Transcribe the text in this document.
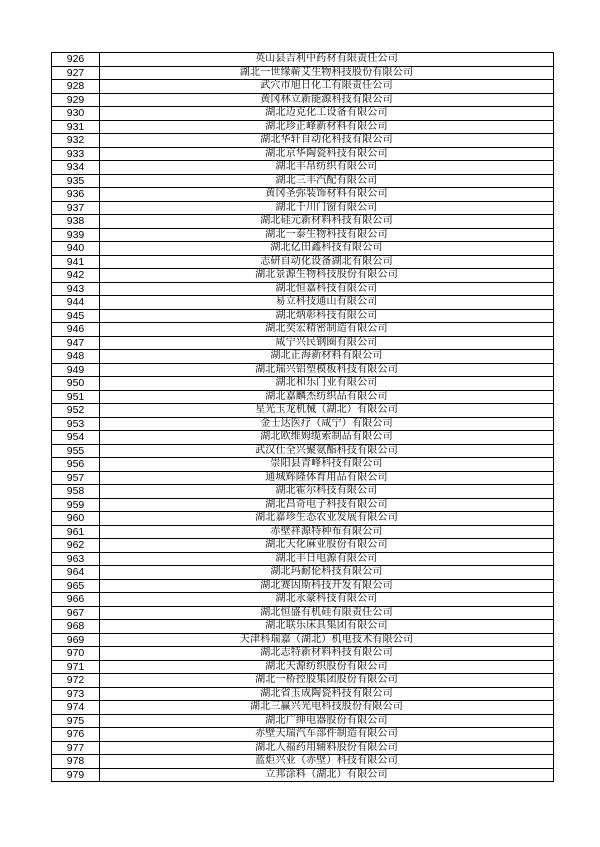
926	英山县吉利中药材有限责任公司
927	湖北一世缘蕲艾生物科技股份有限公司
928	武穴市旭日化工有限责任公司
929	黄冈林立新能源科技有限公司
930	湖北迈克化工设备有限公司
931	湖北珍正峰新材料有限公司
932	湖北华轩自动化科技有限公司
933	湖北京华陶瓷科技有限公司
934	湖北丰帛纺织有限公司
935	湖北三丰汽配有限公司
936	黄冈圣弥装饰材料有限公司
937	湖北千川门窗有限公司
938	湖北硅元新材料科技有限公司
939	湖北一泰生物科技有限公司
940	湖北亿田鑫科技有限公司
941	志研自动化设备湖北有限公司
942	湖北景源生物科技股份有限公司
943	湖北恒嘉科技有限公司
944	易立科技通山有限公司
945	湖北炳彰科技有限公司
946	湖北奕宏精密制造有限公司
947	咸宁兴民钢圈有限公司
948	湖北正海新材料有限公司
949	湖北瑞兴铝塑模板科技有限公司
950	湖北和乐门业有限公司
951	湖北嘉麟杰纺织品有限公司
952	星光玉龙机械（湖北）有限公司
953	金士达医疗（咸宁）有限公司
954	湖北欧维姆缆索制品有限公司
955	武汉仕全兴聚氨酯科技有限公司
956	崇阳县青峰科技有限公司
957	通城辉隆体育用品有限公司
958	湖北霍尔科技有限公司
959	湖北昌奇电子科技有限公司
960	湖北嘉珍生态农业发展有限公司
961	赤壁祥源特种布有限公司
962	湖北天化麻业股份有限公司
963	湖北丰日电源有限公司
964	湖北玛耐伦科技有限公司
965	湖北赛因斯科技开发有限公司
966	湖北永豪科技有限公司
967	湖北恒盛有机硅有限责任公司
968	湖北联乐床具集团有限公司
969	天津科瑞嘉（湖北）机电技术有限公司
970	湖北志特新材料科技有限公司
971	湖北天源纺织股份有限公司
972	湖北一桥控股集团股份有限公司
973	湖北省玉成陶瓷科技有限公司
974	湖北三赢兴光电科技股份有限公司
975	湖北广绅电器股份有限公司
976	赤壁天瑞汽车部件制造有限公司
977	湖北人福药用辅料股份有限公司
978	蓝炬兴业（赤壁）科技有限公司
979	立邦涂料（湖北）有限公司
